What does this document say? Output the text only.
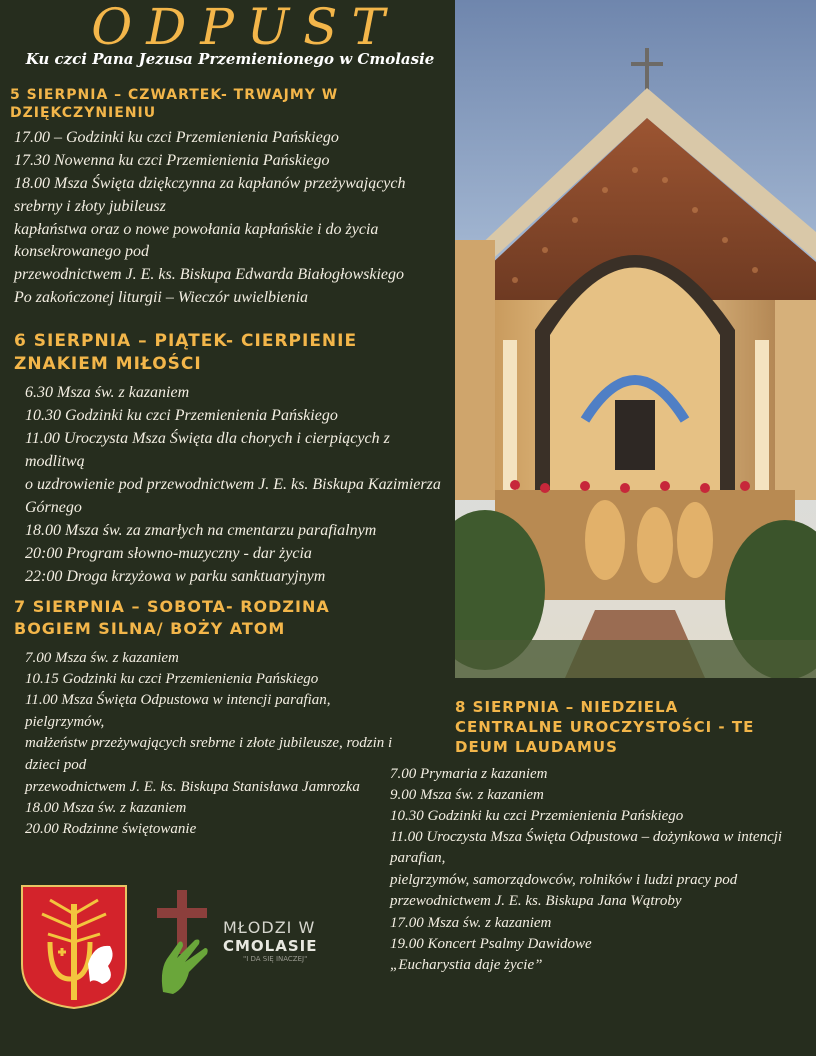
ODPUST
Ku czci Pana Jezusa Przemienionego w Cmolasie
5 SIERPNIA – CZWARTEK- TRWAJMY W
DZIĘKCZYNIENIU
17.00 – Godzinki ku czci Przemienienia Pańskiego
17.30 Nowenna ku czci Przemienienia Pańskiego
18.00 Msza Święta dziękczynna za kapłanów przeżywających
srebrny i złoty jubileusz
kapłaństwa oraz o nowe powołania kapłańskie i do życia
konsekrowanego pod
przewodnictwem J. E. ks. Biskupa Edwarda Białogłowskiego
Po zakończonej liturgii – Wieczór uwielbienia
6 SIERPNIA – PIĄTEK- CIERPIENIE
ZNAKIEM MIŁOŚCI
6.30 Msza św. z kazaniem
10.30 Godzinki ku czci Przemienienia Pańskiego
11.00 Uroczysta Msza Święta dla chorych i cierpiących z
modlitwą
o uzdrowienie pod przewodnictwem J. E. ks. Biskupa Kazimierza
Górnego
18.00 Msza św. za zmarłych na cmentarzu parafialnym
20:00 Program słowno-muzyczny - dar życia
22:00 Droga krzyżowa w parku sanktuaryjnym
7 SIERPNIA – SOBOTA- RODZINA
BOGIEM SILNA/ BOŻY ATOM
7.00 Msza św. z kazaniem
10.15 Godzinki ku czci Przemienienia Pańskiego
11.00 Msza Święta Odpustowa w intencji parafian,
pielgrzymów,
małżeństw przeżywających srebrne i złote jubileusze, rodzin i
dzieci pod
przewodnictwem J. E. ks. Biskupa Stanisława Jamrozka
18.00 Msza św. z kazaniem
20.00 Rodzinne świętowanie
8 SIERPNIA – NIEDZIELA
CENTRALNE UROCZYSTOŚCI - TE
DEUM LAUDAMUS
7.00 Prymaria z kazaniem
9.00 Msza św. z kazaniem
10.30 Godzinki ku czci Przemienienia Pańskiego
11.00 Uroczysta Msza Święta Odpustowa – dożynkowa w intencji
parafian,
pielgrzymów, samorządowców, rolników i ludzi pracy pod
przewodnictwem J. E. ks. Biskupa Jana Wątroby
17.00 Msza św. z kazaniem
19.00 Koncert Psalmy Dawidowe
„Eucharystia daje życie”
MŁODZI W
CMOLASIE
"I DA SIĘ INACZEJ"
